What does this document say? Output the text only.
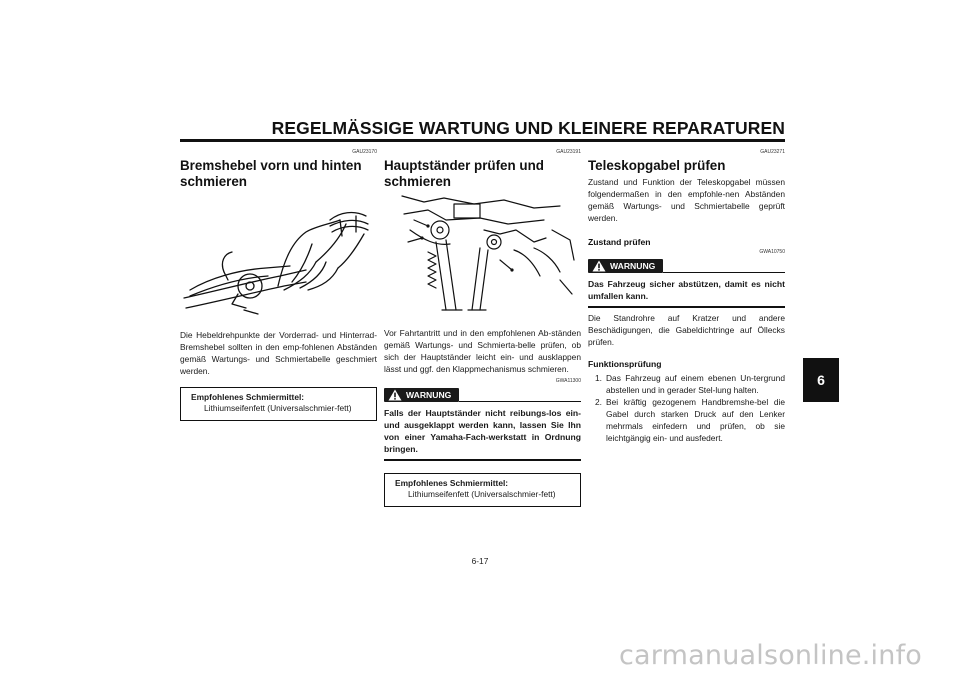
REGELMÄSSIGE WARTUNG UND KLEINERE REPARATUREN
GAU23170
Bremshebel vorn und hinten schmieren
Die Hebeldrehpunkte der Vorderrad- und Hinterrad-Bremshebel sollten in den emp-fohlenen Abständen gemäß Wartungs- und Schmiertabelle geschmiert werden.
Empfohlenes Schmiermittel:
Lithiumseifenfett (Universalschmier-fett)
GAU23191
Hauptständer prüfen und schmieren
Vor Fahrtantritt und in den empfohlenen Ab-ständen gemäß Wartungs- und Schmierta-belle prüfen, ob sich der Hauptständer leicht ein- und ausklappen lässt und ggf. den Klappmechanismus schmieren.
GWA11300
WARNUNG
Falls der Hauptständer nicht reibungs-los ein- und ausgeklappt werden kann, lassen Sie Ihn von einer Yamaha-Fach-werkstatt in Ordnung bringen.
Empfohlenes Schmiermittel:
Lithiumseifenfett (Universalschmier-fett)
GAU23271
Teleskopgabel prüfen
Zustand und Funktion der Teleskopgabel müssen folgendermaßen in den empfohle-nen Abständen gemäß Wartungs- und Schmiertabelle geprüft werden.
Zustand prüfen
GWA10750
WARNUNG
Das Fahrzeug sicher abstützen, damit es nicht umfallen kann.
Die Standrohre auf Kratzer und andere Beschädigungen, die Gabeldichtringe auf Öllecks prüfen.
Funktionsprüfung
1. Das Fahrzeug auf einem ebenen Un-tergrund abstellen und in gerader Stel-lung halten.
2. Bei kräftig gezogenem Handbremshe-bel die Gabel durch starken Druck auf den Lenker mehrmals einfedern und prüfen, ob sie leichtgängig ein- und ausfedert.
6
6-17
carmanualsonline.info
